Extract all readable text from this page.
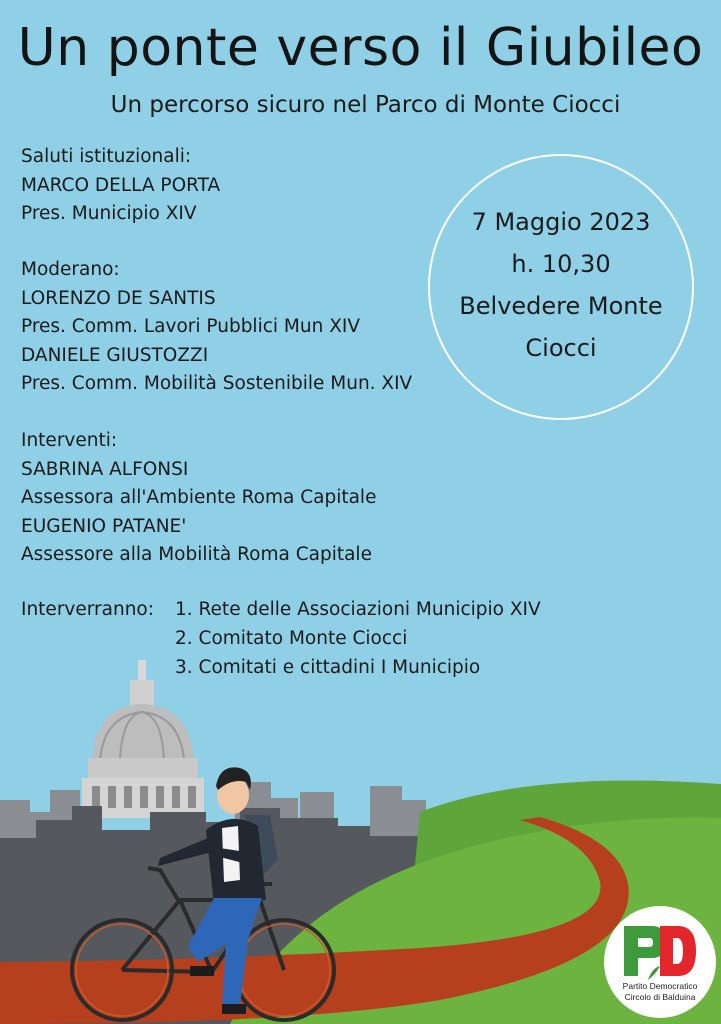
Un ponte verso il Giubileo
Un percorso sicuro nel Parco di Monte Ciocci
Saluti istituzionali:
MARCO DELLA PORTA
Pres. Municipio XIV
Moderano:
LORENZO DE SANTIS
Pres. Comm. Lavori Pubblici Mun XIV
DANIELE GIUSTOZZI
Pres. Comm. Mobilità Sostenibile Mun. XIV
Interventi:
SABRINA ALFONSI
Assessora all'Ambiente Roma Capitale
EUGENIO PATANE'
Assessore alla Mobilità Roma Capitale
Interverranno: 1. Rete delle Associazioni Municipio XIV
2. Comitato Monte Ciocci
3. Comitati e cittadini I Municipio
7 Maggio 2023
h. 10,30
Belvedere Monte
Ciocci
Partito Democratico
Circolo di Balduina
